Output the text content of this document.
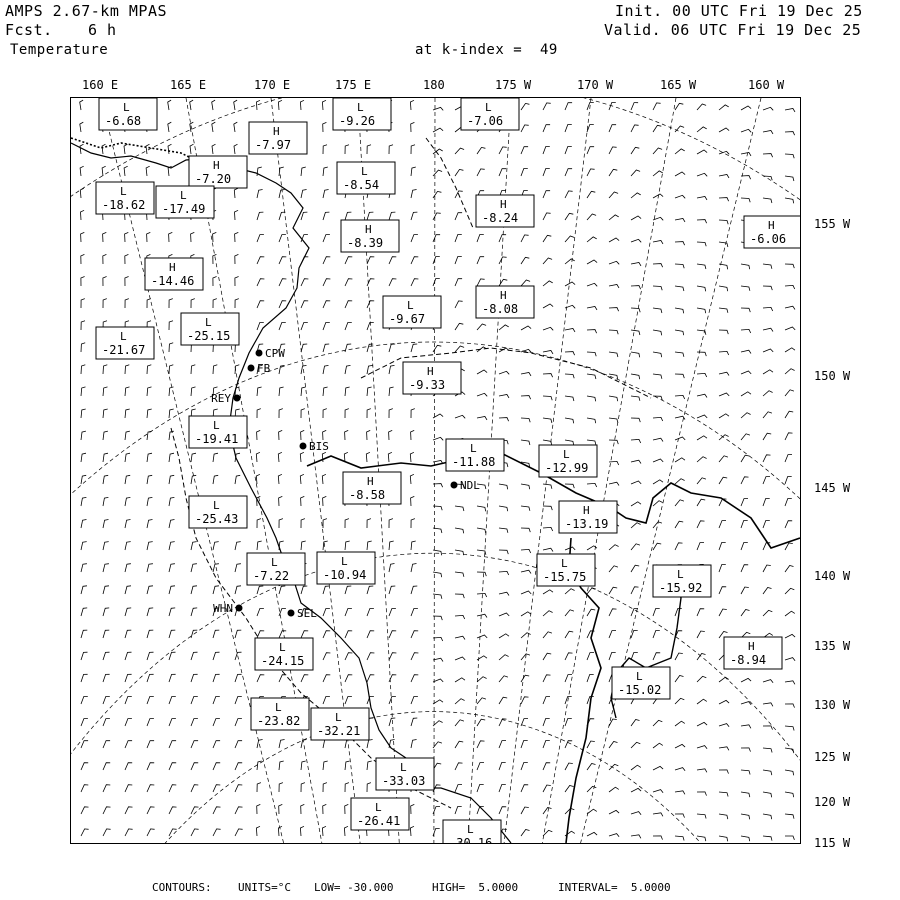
AMPS 2.67-km MPAS
Fcst. 6 h
Temperature
Init. 00 UTC Fri 19 Dec 25
Valid. 06 UTC Fri 19 Dec 25
at k-index =  49
160 E	165 E	170 E	175 E	180	175 W	170 W	165 W	160 W
155 W
150 W
145 W
140 W
135 W
130 W
125 W
120 W
115 W
CPW
FB
REY
BIS
NDL
WHN	SEL
L
-6.68
L
-9.26
L
-7.06
H
-7.97
H
-7.20
L
-8.54
L
-18.62
L
-17.49	H
-8.24
H
-6.06
H
-8.39
H
-14.46
H
-8.08
L
-9.67
L
-25.15
L
-21.67
H
-9.33
L
-19.41
L
-11.88
L
-12.99
H
-8.58
L
-25.43
H
-13.19
L
-7.22
L
-10.94
L
-15.75	L
-15.92
L
-24.15
H
-8.94
L
-15.02
L
-23.82	L
-32.21
L
-33.03
L
-26.41
L
-30.16
CONTOURS: UNITS=°C LOW= -30.000	HIGH=  5.0000	INTERVAL=  5.0000
